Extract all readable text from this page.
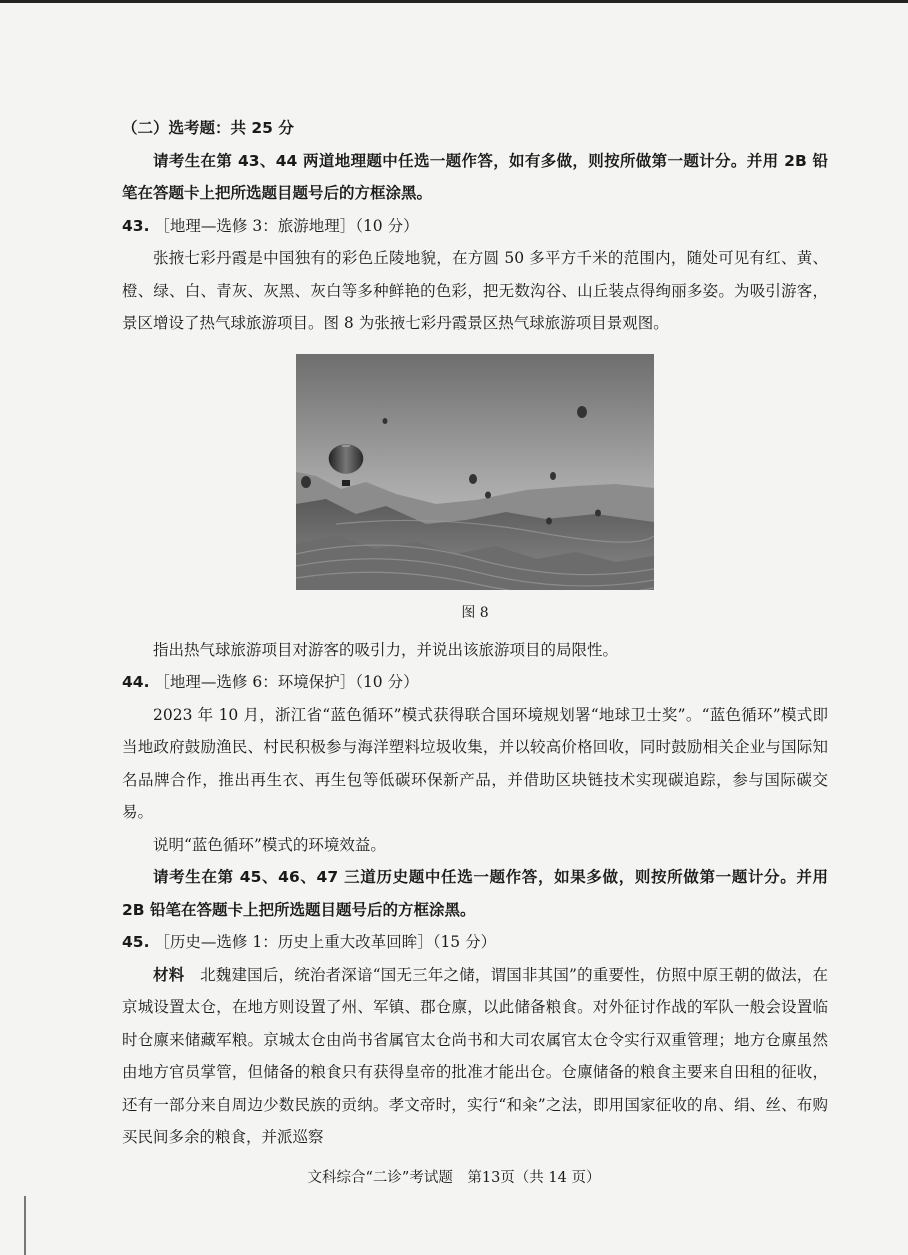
（二）选考题：共 25 分

请考生在第 43、44 两道地理题中任选一题作答，如有多做，则按所做第一题计分。并用 2B 铅笔在答题卡上把所选题目题号后的方框涂黑。

43. ［地理—选修 3：旅游地理］（10 分）

张掖七彩丹霞是中国独有的彩色丘陵地貌，在方圆 50 多平方千米的范围内，随处可见有红、黄、橙、绿、白、青灰、灰黑、灰白等多种鲜艳的色彩，把无数沟谷、山丘装点得绚丽多姿。为吸引游客，景区增设了热气球旅游项目。图 8 为张掖七彩丹霞景区热气球旅游项目景观图。

图 8

指出热气球旅游项目对游客的吸引力，并说出该旅游项目的局限性。

44. ［地理—选修 6：环境保护］（10 分）

2023 年 10 月，浙江省“蓝色循环”模式获得联合国环境规划署“地球卫士奖”。“蓝色循环”模式即当地政府鼓励渔民、村民积极参与海洋塑料垃圾收集，并以较高价格回收，同时鼓励相关企业与国际知名品牌合作，推出再生衣、再生包等低碳环保新产品，并借助区块链技术实现碳追踪，参与国际碳交易。

说明“蓝色循环”模式的环境效益。

请考生在第 45、46、47 三道历史题中任选一题作答，如果多做，则按所做第一题计分。并用 2B 铅笔在答题卡上把所选题目题号后的方框涂黑。

45. ［历史—选修 1：历史上重大改革回眸］（15 分）

材料　 北魏建国后，统治者深谙“国无三年之储，谓国非其国”的重要性，仿照中原王朝的做法，在京城设置太仓，在地方则设置了州、军镇、郡仓廪，以此储备粮食。对外征讨作战的军队一般会设置临时仓廪来储藏军粮。京城太仓由尚书省属官太仓尚书和大司农属官太仓令实行双重管理；地方仓廪虽然由地方官员掌管，但储备的粮食只有获得皇帝的批准才能出仓。仓廪储备的粮食主要来自田租的征收，还有一部分来自周边少数民族的贡纳。孝文帝时，实行“和籴”之法，即用国家征收的帛、绢、丝、布购买民间多余的粮食，并派巡察

文科综合“二诊”考试题　第13页（共 14 页）
